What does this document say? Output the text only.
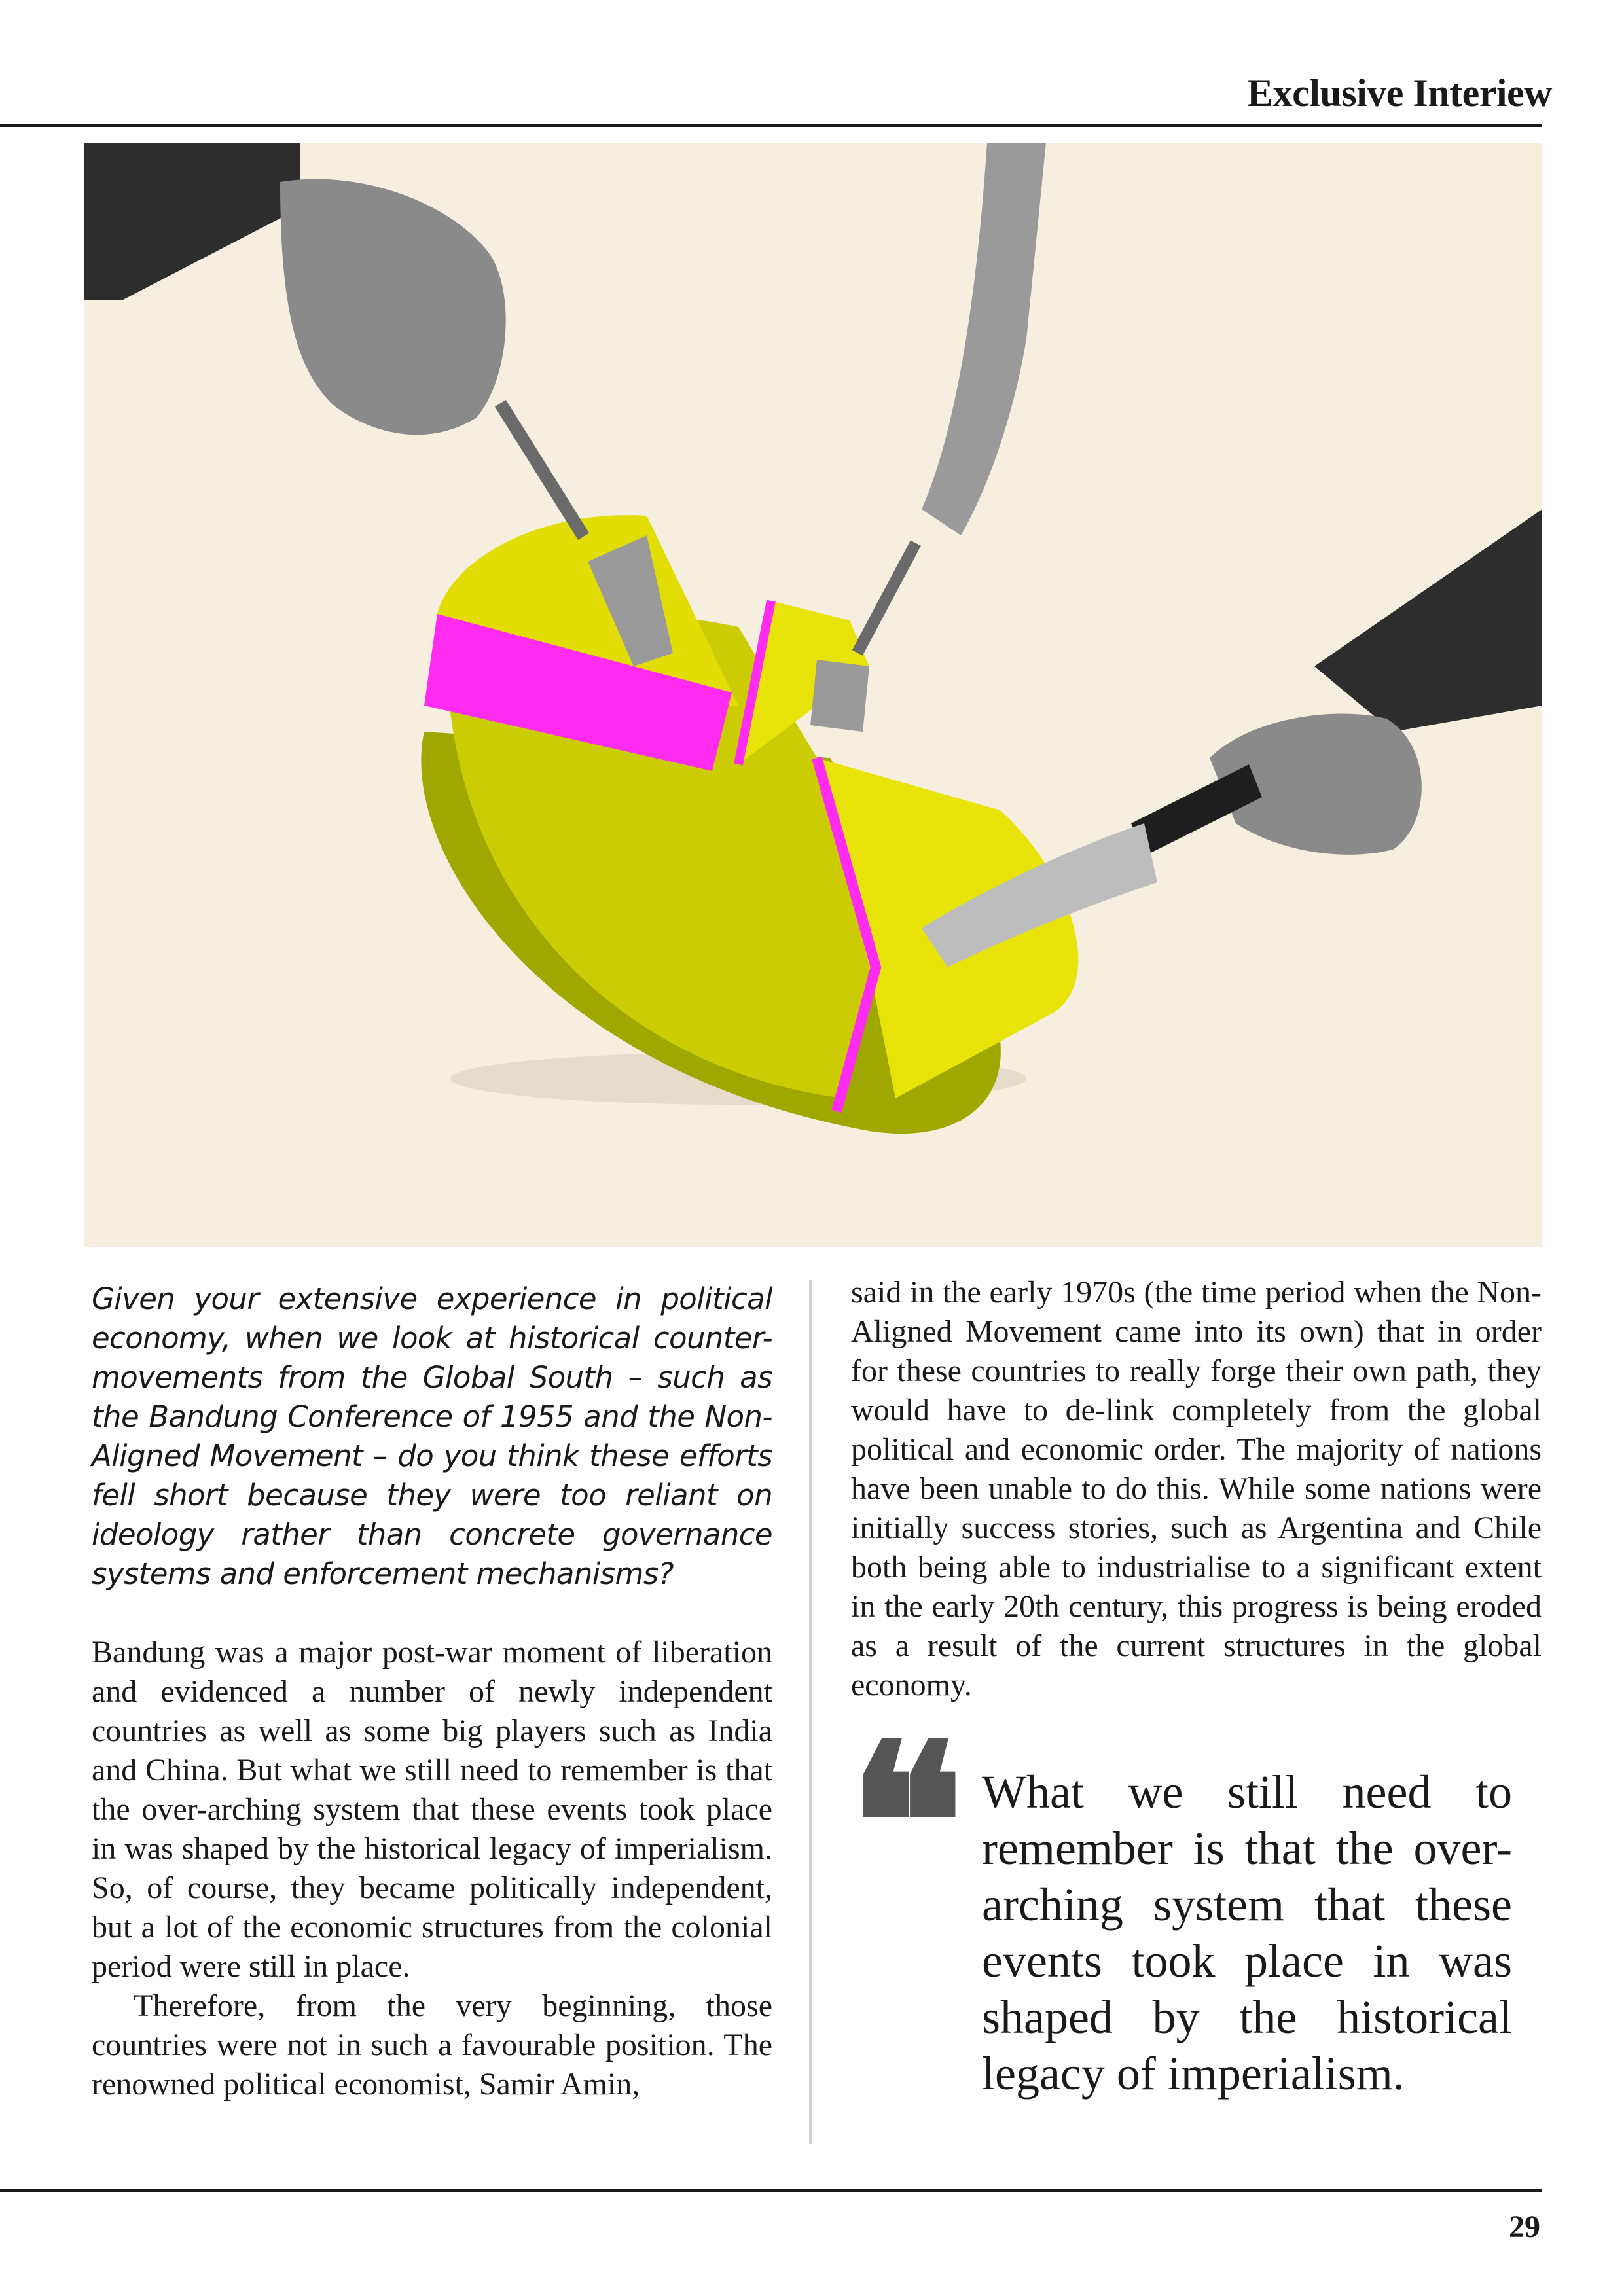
Exclusive Interiew

Given your extensive experience in political economy, when we look at historical counter-movements from the Global South – such as the Bandung Conference of 1955 and the Non-Aligned Movement – do you think these efforts fell short because they were too reliant on ideology rather than concrete governance systems and enforcement mechanisms?

Bandung was a major post-war moment of liberation and evidenced a number of newly independent countries as well as some big players such as India and China. But what we still need to remember is that the over-arching system that these events took place in was shaped by the historical legacy of imperialism. So, of course, they became politically independent, but a lot of the economic structures from the colonial period were still in place.

Therefore, from the very beginning, those countries were not in such a favourable position. The renowned political economist, Samir Amin,

said in the early 1970s (the time period when the Non-Aligned Movement came into its own) that in order for these countries to really forge their own path, they would have to de-link completely from the global political and economic order. The majority of nations have been unable to do this. While some nations were initially success stories, such as Argentina and Chile both being able to industrialise to a significant extent in the early 20th century, this progress is being eroded as a result of the current structures in the global economy.

❝ What we still need to remember is that the over-arching system that these events took place in was shaped by the historical legacy of imperialism.

29
